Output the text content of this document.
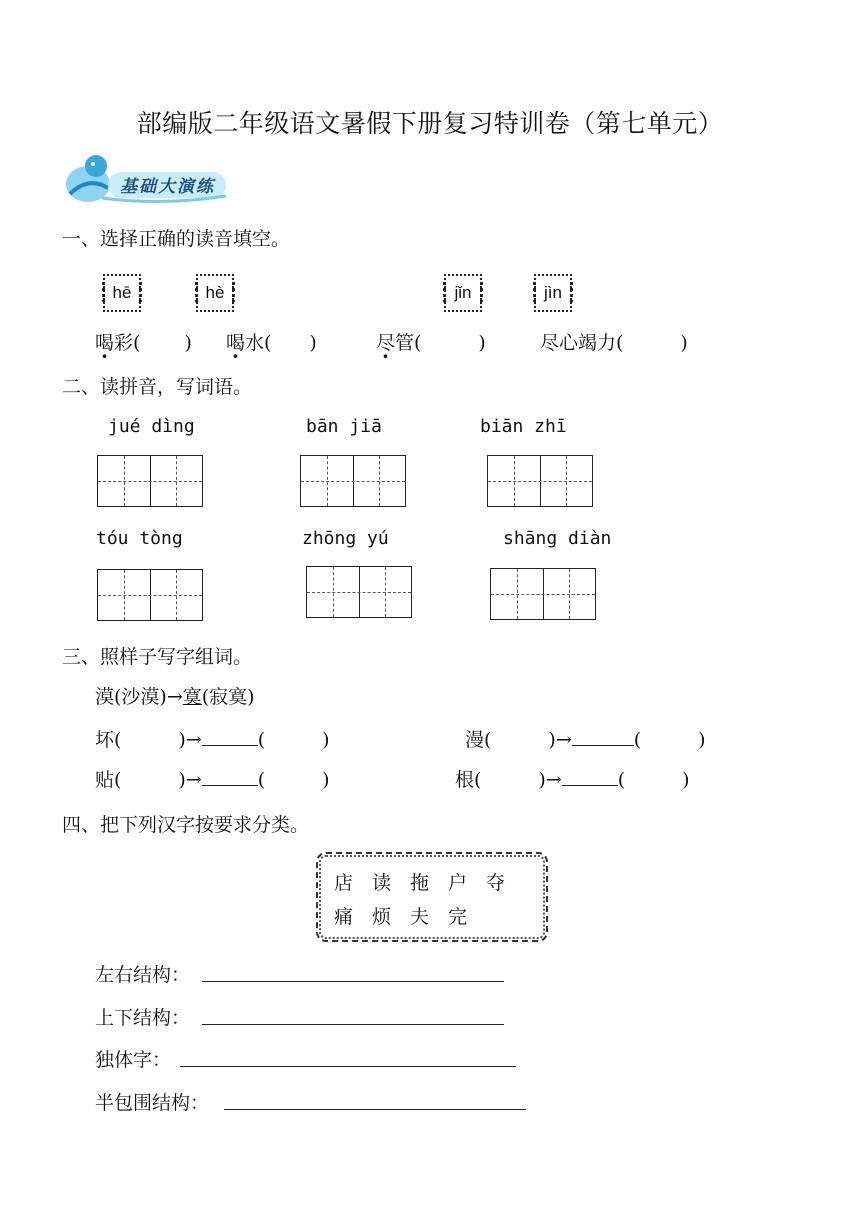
部编版二年级语文暑假下册复习特训卷（第七单元）
基础大演练
一、选择正确的读音填空。
hē	hè	jǐn	jìn
喝彩(　　 ) 喝水(　　)	尽管(　　　)	尽心竭力(　　　)
二、读拼音，写词语。
jué dìng	bān jiā	biān zhī
tóu tòng	zhōng yú	shāng diàn
三、照样子写字组词。
漠(沙漠)→寞(寂寞)
坏(　　　)→	(　　　)	漫(　　　)→	(　　　)
贴(　　　)→	(　　　)	根(　　　)→	(　　　)
四、把下列汉字按要求分类。
店　读　拖　户　夺
痛　烦　夫　完
左右结构：
上下结构：
独体字：
半包围结构：
